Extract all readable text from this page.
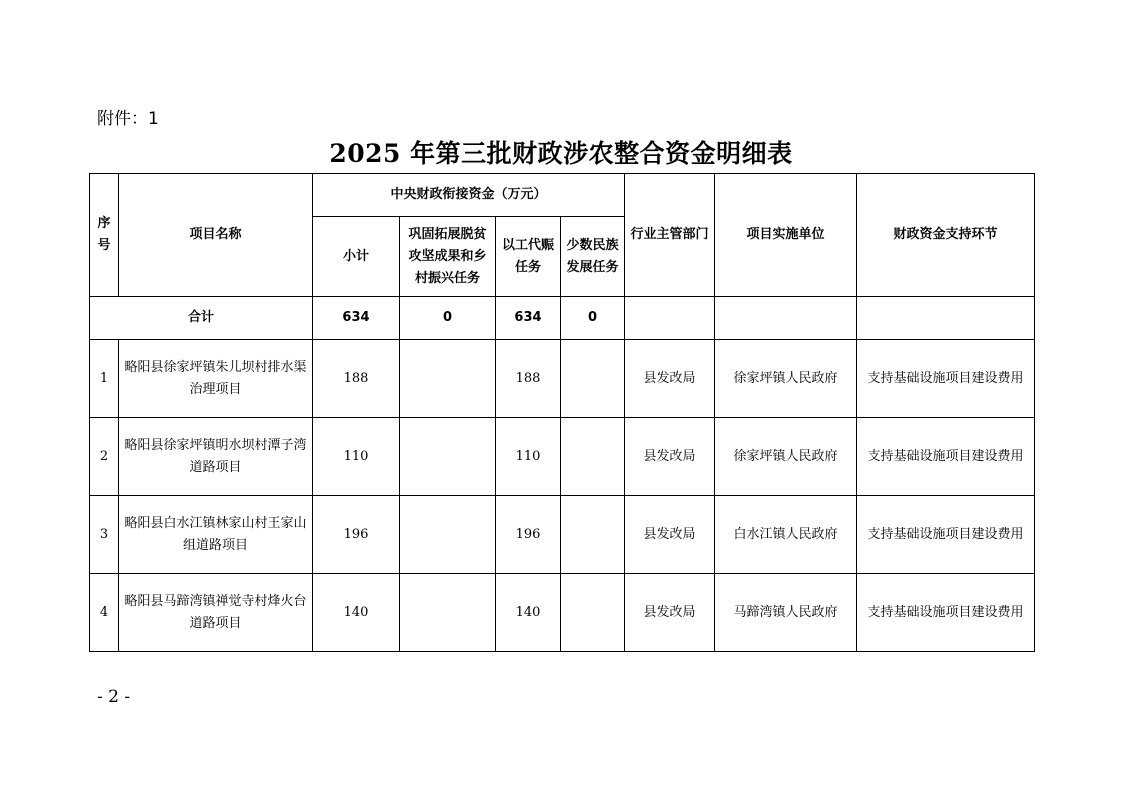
附件：1
2025 年第三批财政涉农整合资金明细表
序号	项目名称	中央财政衔接资金（万元）				行业主管部门	项目实施单位	财政资金支持环节
		小计	巩固拓展脱贫攻坚成果和乡村振兴任务	以工代赈任务	少数民族发展任务			
合计		634	0	634	0			
1	略阳县徐家坪镇朱儿坝村排水渠治理项目	188		188		县发改局	徐家坪镇人民政府	支持基础设施项目建设费用
2	略阳县徐家坪镇明水坝村潭子湾道路项目	110		110		县发改局	徐家坪镇人民政府	支持基础设施项目建设费用
3	略阳县白水江镇林家山村王家山组道路项目	196		196		县发改局	白水江镇人民政府	支持基础设施项目建设费用
4	略阳县马蹄湾镇禅觉寺村烽火台道路项目	140		140		县发改局	马蹄湾镇人民政府	支持基础设施项目建设费用
- 2 -
